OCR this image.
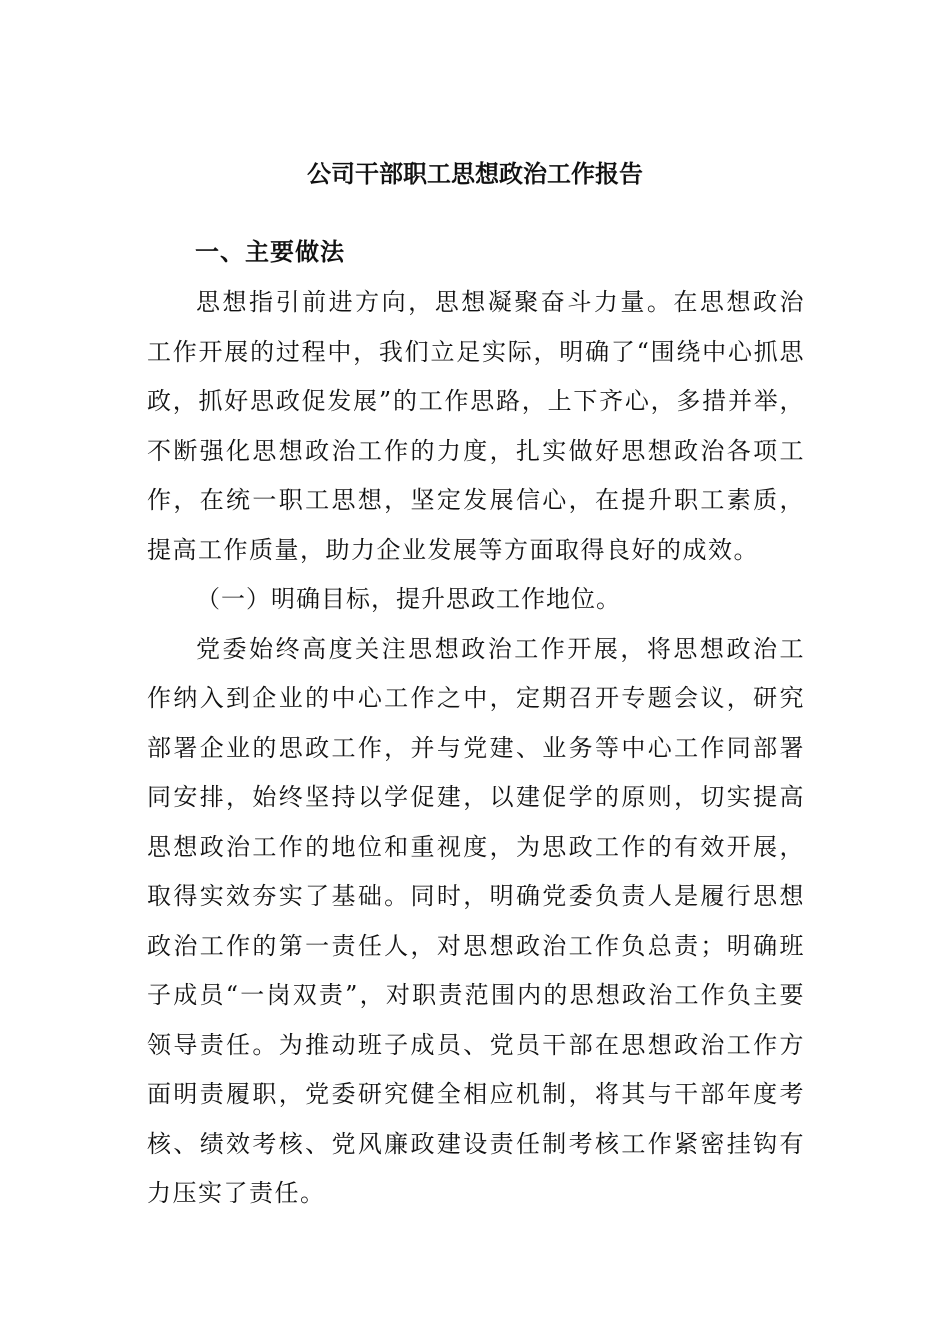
公司干部职工思想政治工作报告
一、主要做法

思想指引前进方向，思想凝聚奋斗力量。在思想政治工作开展的过程中，我们立足实际，明确了“围绕中心抓思政，抓好思政促发展”的工作思路，上下齐心，多措并举，不断强化思想政治工作的力度，扎实做好思想政治各项工作，在统一职工思想，坚定发展信心，在提升职工素质，提高工作质量，助力企业发展等方面取得良好的成效。

（一）明确目标，提升思政工作地位。

党委始终高度关注思想政治工作开展，将思想政治工作纳入到企业的中心工作之中，定期召开专题会议，研究部署企业的思政工作，并与党建、业务等中心工作同部署同安排，始终坚持以学促建，以建促学的原则，切实提高思想政治工作的地位和重视度，为思政工作的有效开展，取得实效夯实了基础。同时，明确党委负责人是履行思想政治工作的第一责任人，对思想政治工作负总责；明确班子成员“一岗双责”，对职责范围内的思想政治工作负主要领导责任。为推动班子成员、党员干部在思想政治工作方面明责履职，党委研究健全相应机制，将其与干部年度考核、绩效考核、党风廉政建设责任制考核工作紧密挂钩有力压实了责任。
